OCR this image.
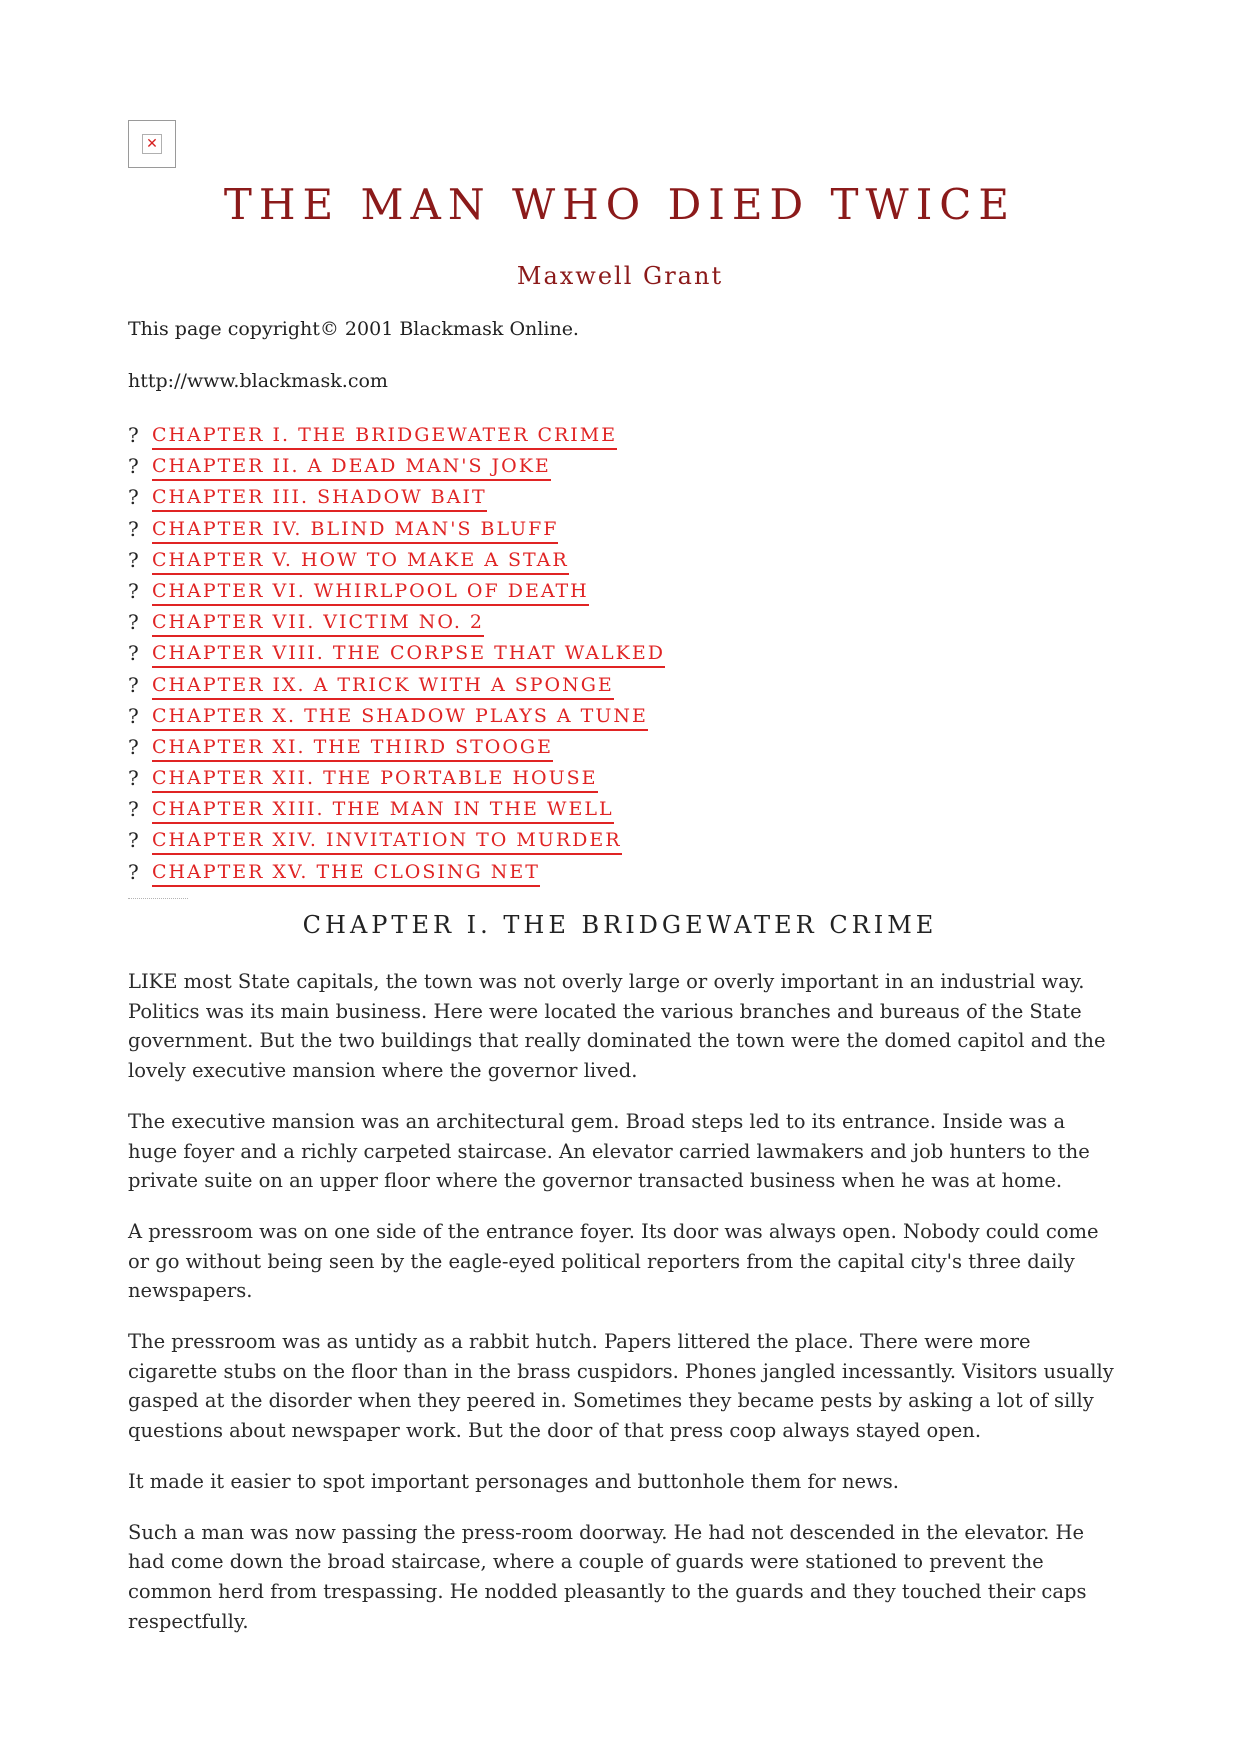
✕
THE MAN WHO DIED TWICE
Maxwell Grant

This page copyright© 2001 Blackmask Online.

http://www.blackmask.com

? CHAPTER I. THE BRIDGEWATER CRIME
? CHAPTER II. A DEAD MAN'S JOKE
? CHAPTER III. SHADOW BAIT
? CHAPTER IV. BLIND MAN'S BLUFF
? CHAPTER V. HOW TO MAKE A STAR
? CHAPTER VI. WHIRLPOOL OF DEATH
? CHAPTER VII. VICTIM NO. 2
? CHAPTER VIII. THE CORPSE THAT WALKED
? CHAPTER IX. A TRICK WITH A SPONGE
? CHAPTER X. THE SHADOW PLAYS A TUNE
? CHAPTER XI. THE THIRD STOOGE
? CHAPTER XII. THE PORTABLE HOUSE
? CHAPTER XIII. THE MAN IN THE WELL
? CHAPTER XIV. INVITATION TO MURDER
? CHAPTER XV. THE CLOSING NET
CHAPTER I. THE BRIDGEWATER CRIME

LIKE most State capitals, the town was not overly large or overly important in an industrial way. Politics was its main business. Here were located the various branches and bureaus of the State government. But the two buildings that really dominated the town were the domed capitol and the lovely executive mansion where the governor lived.

The executive mansion was an architectural gem. Broad steps led to its entrance. Inside was a huge foyer and a richly carpeted staircase. An elevator carried lawmakers and job hunters to the private suite on an upper floor where the governor transacted business when he was at home.

A pressroom was on one side of the entrance foyer. Its door was always open. Nobody could come or go without being seen by the eagle-eyed political reporters from the capital city's three daily newspapers.

The pressroom was as untidy as a rabbit hutch. Papers littered the place. There were more cigarette stubs on the floor than in the brass cuspidors. Phones jangled incessantly. Visitors usually gasped at the disorder when they peered in. Sometimes they became pests by asking a lot of silly questions about newspaper work. But the door of that press coop always stayed open.

It made it easier to spot important personages and buttonhole them for news.

Such a man was now passing the press-room doorway. He had not descended in the elevator. He had come down the broad staircase, where a couple of guards were stationed to prevent the common herd from trespassing. He nodded pleasantly to the guards and they touched their caps respectfully.
